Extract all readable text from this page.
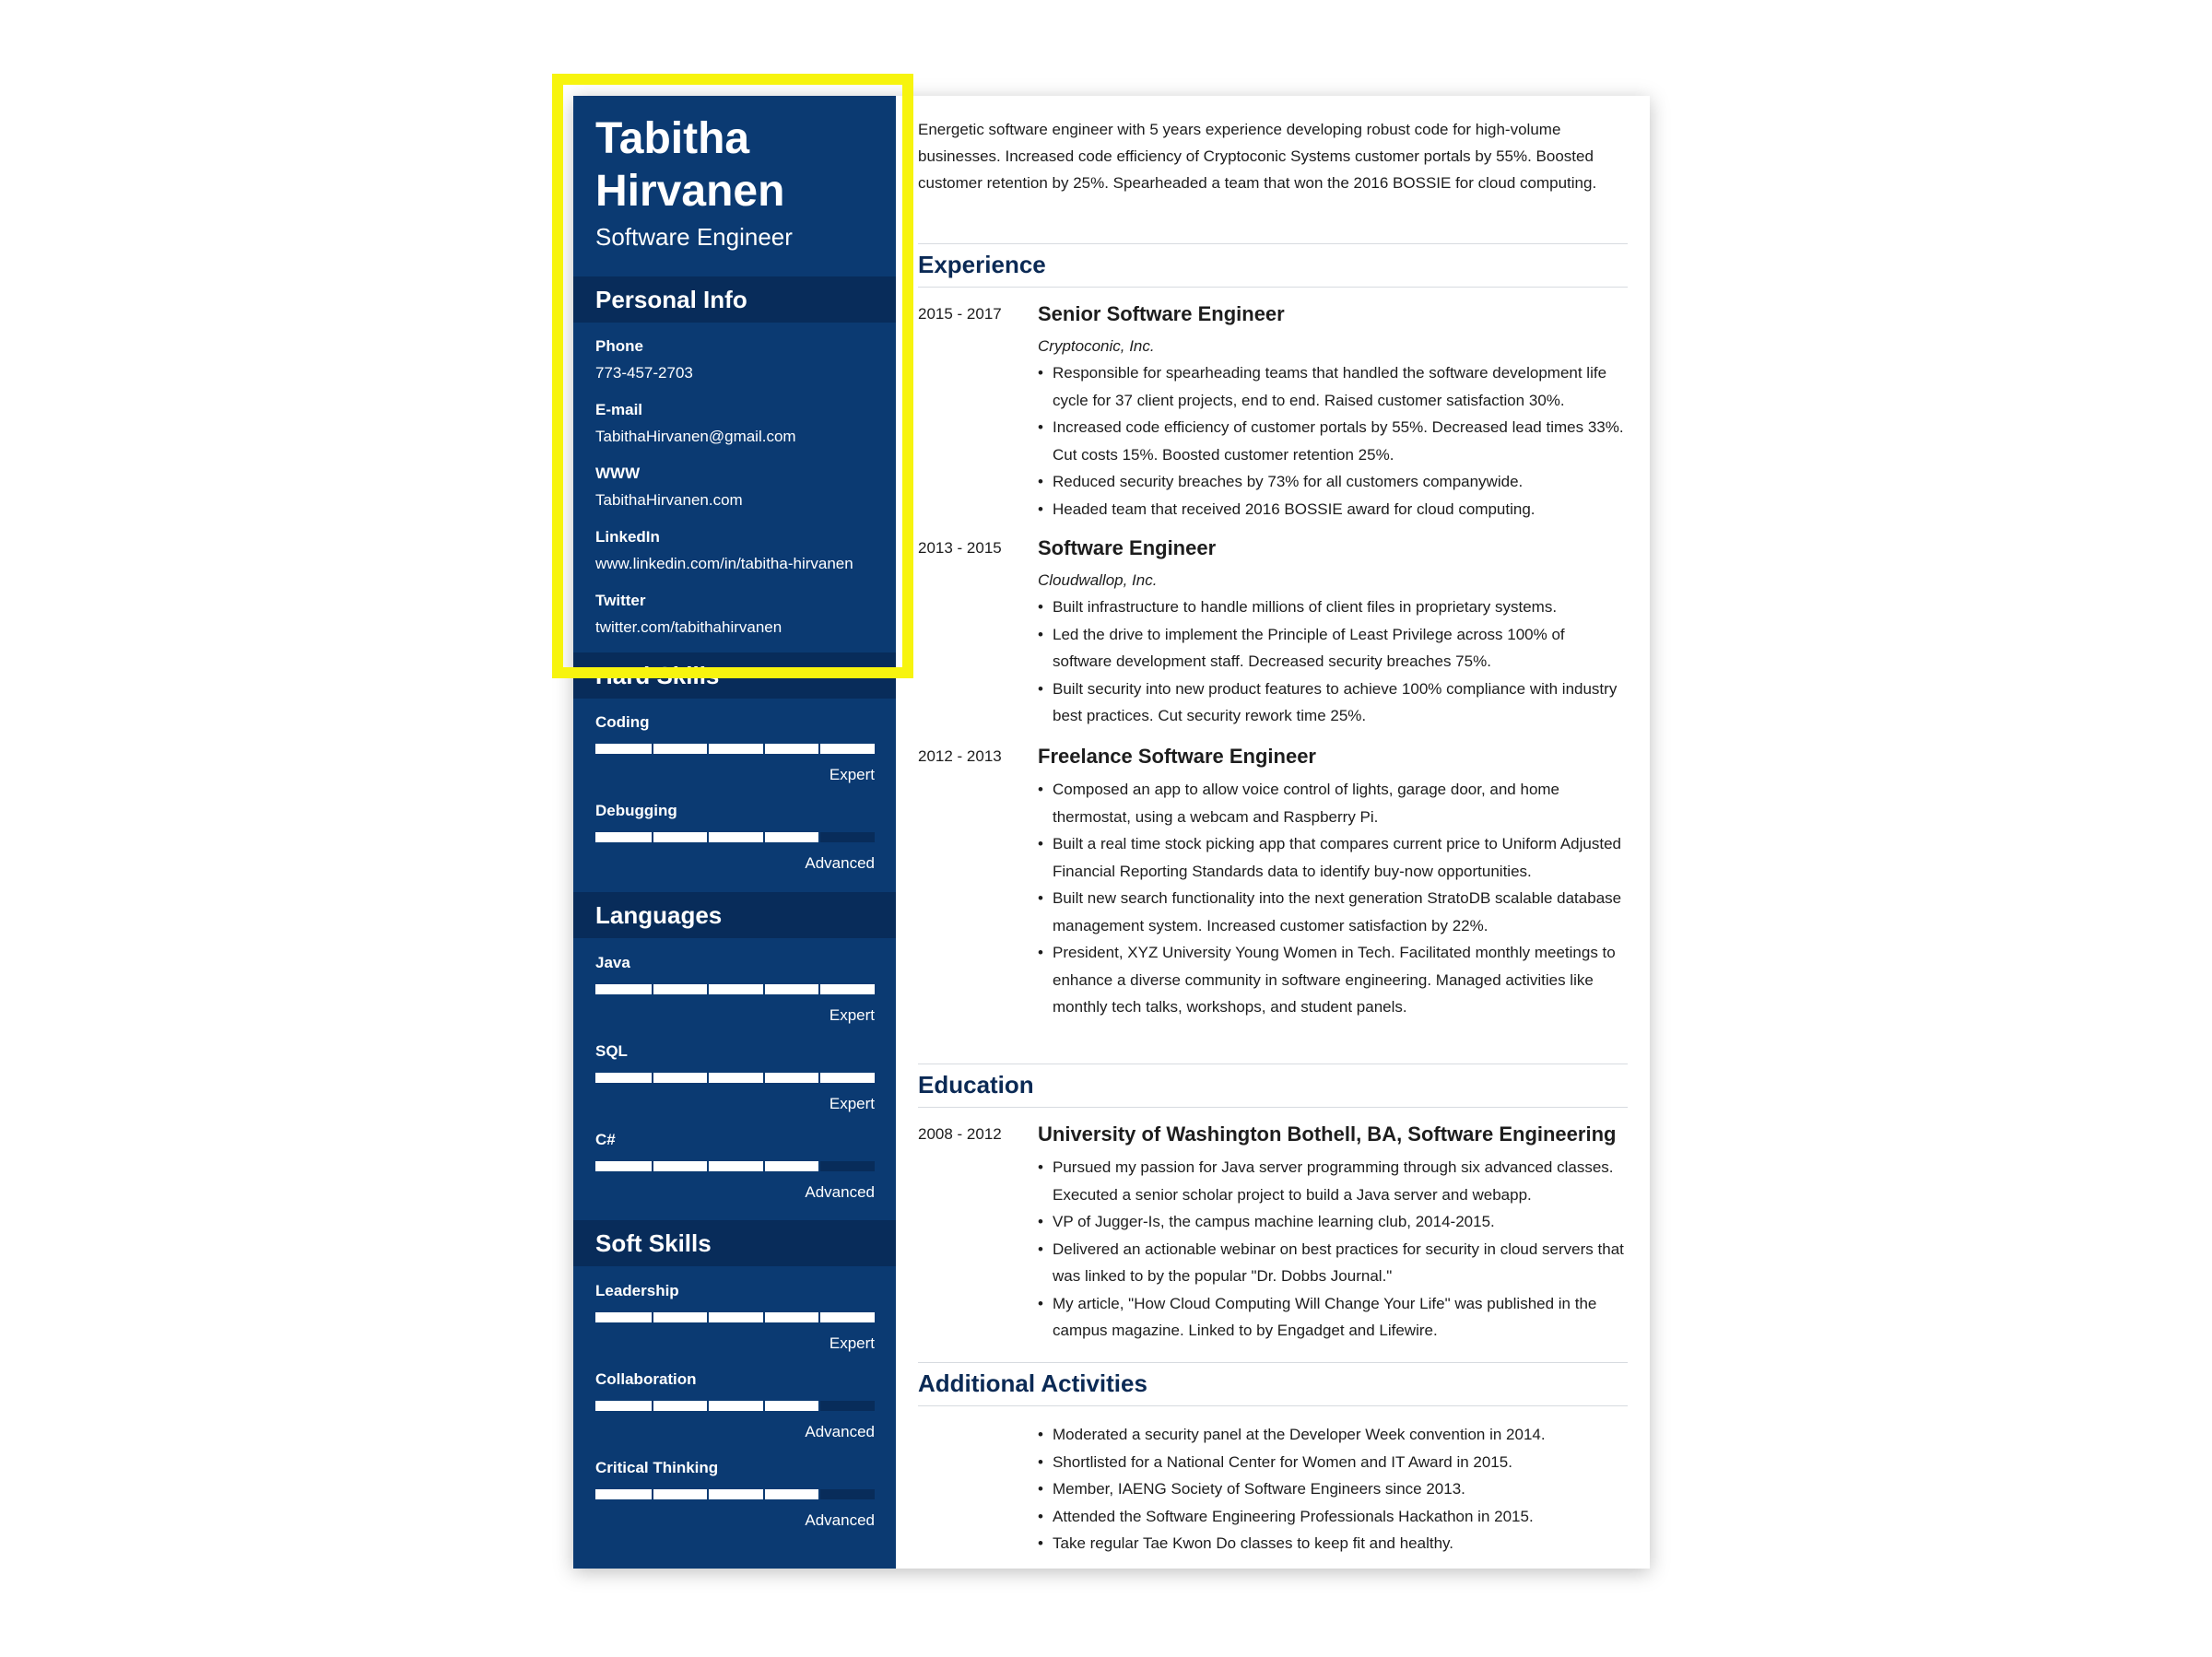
Tabitha Hirvanen
Software Engineer
Personal Info
Phone
773-457-2703
E-mail
TabithaHirvanen@gmail.com
WWW
TabithaHirvanen.com
LinkedIn
www.linkedin.com/in/tabitha-hirvanen
Twitter
twitter.com/tabithahirvanen
Hard Skills
Coding
Expert
Debugging
Advanced
Languages
Java
Expert
SQL
Expert
C#
Advanced
Soft Skills
Leadership
Expert
Collaboration
Advanced
Critical Thinking
Advanced

Energetic software engineer with 5 years experience developing robust code for high-volume businesses. Increased code efficiency of Cryptoconic Systems customer portals by 55%. Boosted customer retention by 25%. Spearheaded a team that won the 2016 BOSSIE for cloud computing.

Experience
2015 - 2017	Senior Software Engineer
Cryptoconic, Inc.
• Responsible for spearheading teams that handled the software development life cycle for 37 client projects, end to end. Raised customer satisfaction 30%.
• Increased code efficiency of customer portals by 55%. Decreased lead times 33%. Cut costs 15%. Boosted customer retention 25%.
• Reduced security breaches by 73% for all customers companywide.
• Headed team that received 2016 BOSSIE award for cloud computing.
2013 - 2015	Software Engineer
Cloudwallop, Inc.
• Built infrastructure to handle millions of client files in proprietary systems.
• Led the drive to implement the Principle of Least Privilege across 100% of software development staff. Decreased security breaches 75%.
• Built security into new product features to achieve 100% compliance with industry best practices. Cut security rework time 25%.
2012 - 2013	Freelance Software Engineer
• Composed an app to allow voice control of lights, garage door, and home thermostat, using a webcam and Raspberry Pi.
• Built a real time stock picking app that compares current price to Uniform Adjusted Financial Reporting Standards data to identify buy-now opportunities.
• Built new search functionality into the next generation StratoDB scalable database management system. Increased customer satisfaction by 22%.
• President, XYZ University Young Women in Tech. Facilitated monthly meetings to enhance a diverse community in software engineering. Managed activities like monthly tech talks, workshops, and student panels.
Education
2008 - 2012	University of Washington Bothell, BA, Software Engineering
• Pursued my passion for Java server programming through six advanced classes. Executed a senior scholar project to build a Java server and webapp.
• VP of Jugger-Is, the campus machine learning club, 2014-2015.
• Delivered an actionable webinar on best practices for security in cloud servers that was linked to by the popular "Dr. Dobbs Journal."
• My article, "How Cloud Computing Will Change Your Life" was published in the campus magazine. Linked to by Engadget and Lifewire.
Additional Activities
• Moderated a security panel at the Developer Week convention in 2014.
• Shortlisted for a National Center for Women and IT Award in 2015.
• Member, IAENG Society of Software Engineers since 2013.
• Attended the Software Engineering Professionals Hackathon in 2015.
• Take regular Tae Kwon Do classes to keep fit and healthy.
